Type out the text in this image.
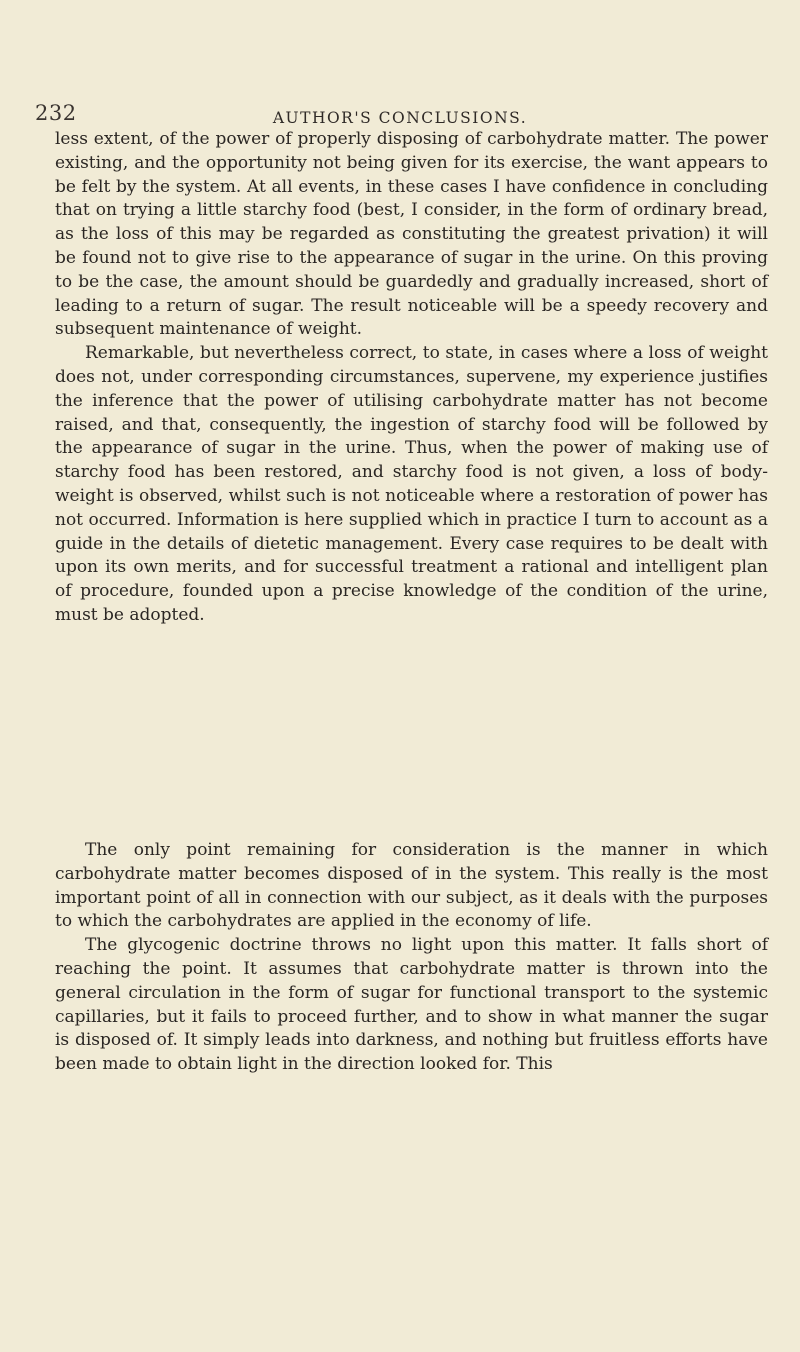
232	AUTHOR'S CONCLUSIONS.

less extent, of the power of properly disposing of carbohydrate matter. The power existing, and the opportunity not being given for its exercise, the want appears to be felt by the system. At all events, in these cases I have confidence in concluding that on trying a little starchy food (best, I consider, in the form of ordinary bread, as the loss of this may be regarded as constituting the greatest privation) it will be found not to give rise to the appearance of sugar in the urine. On this proving to be the case, the amount should be guardedly and gradually increased, short of leading to a return of sugar. The result noticeable will be a speedy recovery and subsequent maintenance of weight.

Remarkable, but nevertheless correct, to state, in cases where a loss of weight does not, under corresponding circumstances, supervene, my experience justifies the inference that the power of utilising carbohydrate matter has not become raised, and that, consequently, the ingestion of starchy food will be followed by the appearance of sugar in the urine. Thus, when the power of making use of starchy food has been restored, and starchy food is not given, a loss of body-weight is observed, whilst such is not noticeable where a restoration of power has not occurred. Information is here supplied which in practice I turn to account as a guide in the details of dietetic management. Every case requires to be dealt with upon its own merits, and for successful treatment a rational and intelligent plan of procedure, founded upon a precise knowledge of the condition of the urine, must be adopted.

The only point remaining for consideration is the manner in which carbohydrate matter becomes disposed of in the system. This really is the most important point of all in connection with our subject, as it deals with the purposes to which the carbohydrates are applied in the economy of life.

The glycogenic doctrine throws no light upon this matter. It falls short of reaching the point. It assumes that carbohydrate matter is thrown into the general circulation in the form of sugar for functional transport to the systemic capillaries, but it fails to proceed further, and to show in what manner the sugar is disposed of. It simply leads into darkness, and nothing but fruitless efforts have been made to obtain light in the direction looked for. This
